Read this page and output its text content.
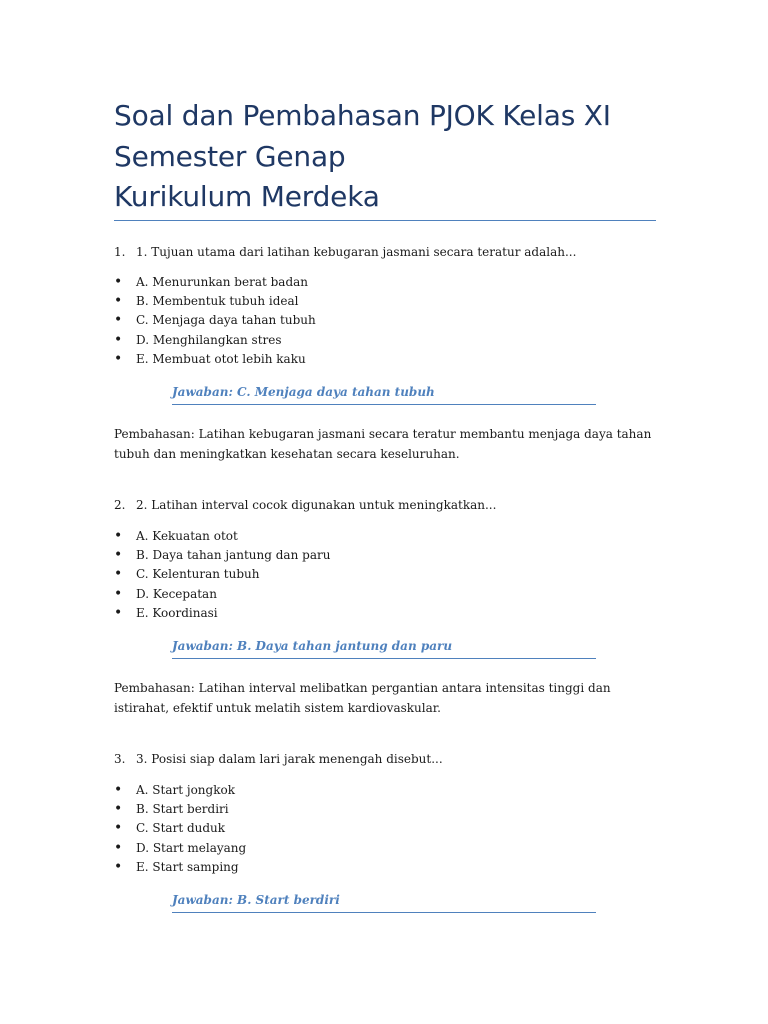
Soal dan Pembahasan PJOK Kelas XI
Semester Genap
Kurikulum Merdeka
1. 1. Tujuan utama dari latihan kebugaran jasmani secara teratur adalah...
•	A. Menurunkan berat badan
•	B. Membentuk tubuh ideal
•	C. Menjaga daya tahan tubuh
•	D. Menghilangkan stres
•	E. Membuat otot lebih kaku
Jawaban: C. Menjaga daya tahan tubuh
Pembahasan: Latihan kebugaran jasmani secara teratur membantu menjaga daya tahan tubuh dan meningkatkan kesehatan secara keseluruhan.
2. 2. Latihan interval cocok digunakan untuk meningkatkan...
•	A. Kekuatan otot
•	B. Daya tahan jantung dan paru
•	C. Kelenturan tubuh
•	D. Kecepatan
•	E. Koordinasi
Jawaban: B. Daya tahan jantung dan paru
Pembahasan: Latihan interval melibatkan pergantian antara intensitas tinggi dan istirahat, efektif untuk melatih sistem kardiovaskular.
3. 3. Posisi siap dalam lari jarak menengah disebut...
•	A. Start jongkok
•	B. Start berdiri
•	C. Start duduk
•	D. Start melayang
•	E. Start samping
Jawaban: B. Start berdiri
